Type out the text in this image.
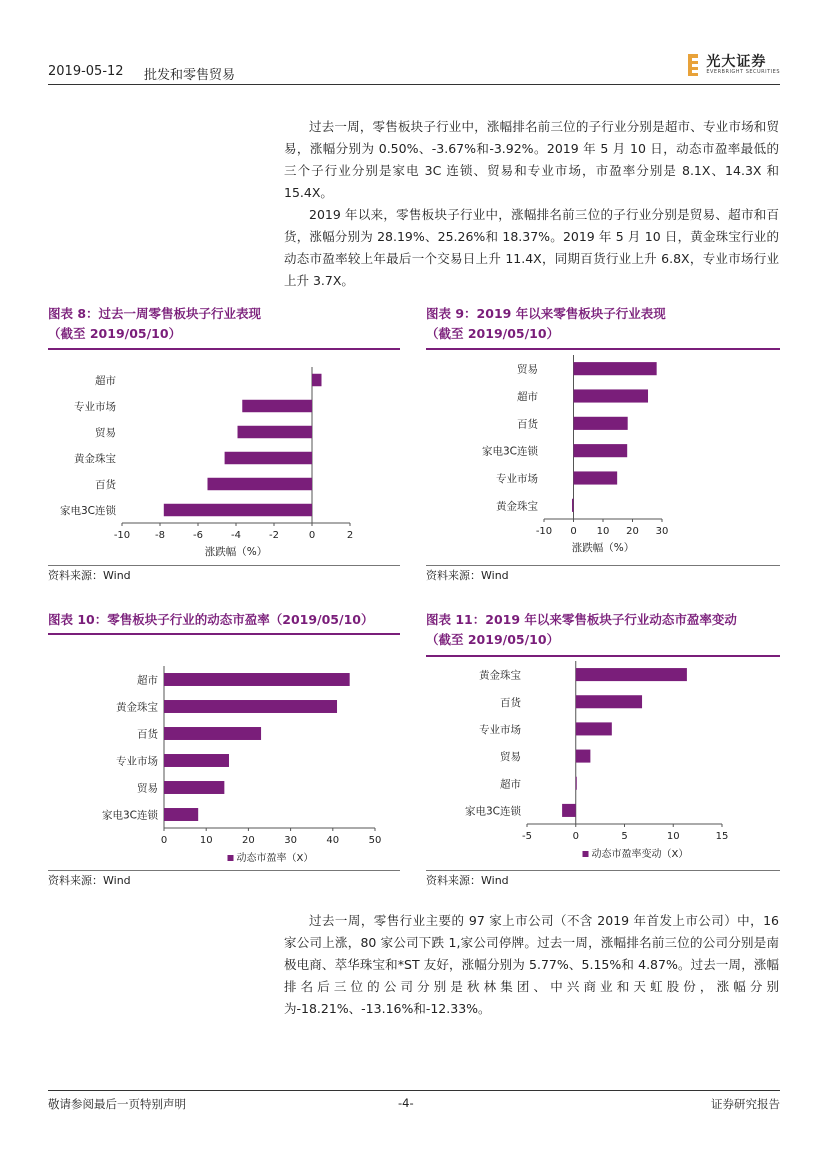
2019-05-12 批发和零售贸易
光大证券
EVERBRIGHT SECURITIES

过去一周，零售板块子行业中，涨幅排名前三位的子行业分别是超市、专业市场和贸易，涨幅分别为 0.50%、-3.67%和-3.92%。2019 年 5 月 10 日，动态市盈率最低的三个子行业分别是家电 3C 连锁、贸易和专业市场，市盈率分别是 8.1X、14.3X 和 15.4X。

2019 年以来，零售板块子行业中，涨幅排名前三位的子行业分别是贸易、超市和百货，涨幅分别为 28.19%、25.26%和 18.37%。2019 年 5 月 10 日，黄金珠宝行业的动态市盈率较上年最后一个交易日上升 11.4X，同期百货行业上升 6.8X，专业市场行业上升 3.7X。

图表 8：过去一周零售板块子行业表现
（截至 2019/05/10）
-10 -8	-6	-4	-2	0	2
超市
专业市场
贸易
黄金珠宝
百货
家电3C连锁
涨跌幅（%）
资料来源：Wind
图表 9：2019 年以来零售板块子行业表现
（截至 2019/05/10）
-10 0 10 20 30
贸易
超市
百货
家电3C连锁
专业市场
黄金珠宝
涨跌幅（%）
资料来源：Wind
图表 10：零售板块子行业的动态市盈率（2019/05/10）
0	10	20	30	40	50
超市
黄金珠宝
百货
专业市场
贸易
家电3C连锁
动态市盈率（X）
资料来源：Wind
图表 11：2019 年以来零售板块子行业动态市盈率变动
（截至 2019/05/10）
-5	0	5	10	15
黄金珠宝
百货
专业市场
贸易
超市
家电3C连锁
动态市盈率变动（X）
资料来源：Wind

过去一周，零售行业主要的 97 家上市公司（不含 2019 年首发上市公司）中，16 家公司上涨，80 家公司下跌 1,家公司停牌。过去一周，涨幅排名前三位的公司分别是南极电商、萃华珠宝和*ST 友好，涨幅分别为 5.77%、5.15%和 4.87%。过去一周，涨幅排名后三位的公司分别是秋林集团、中兴商业和天虹股份，涨幅分别为-18.21%、-13.16%和-12.33%。

敬请参阅最后一页特别声明	-4-	证券研究报告
